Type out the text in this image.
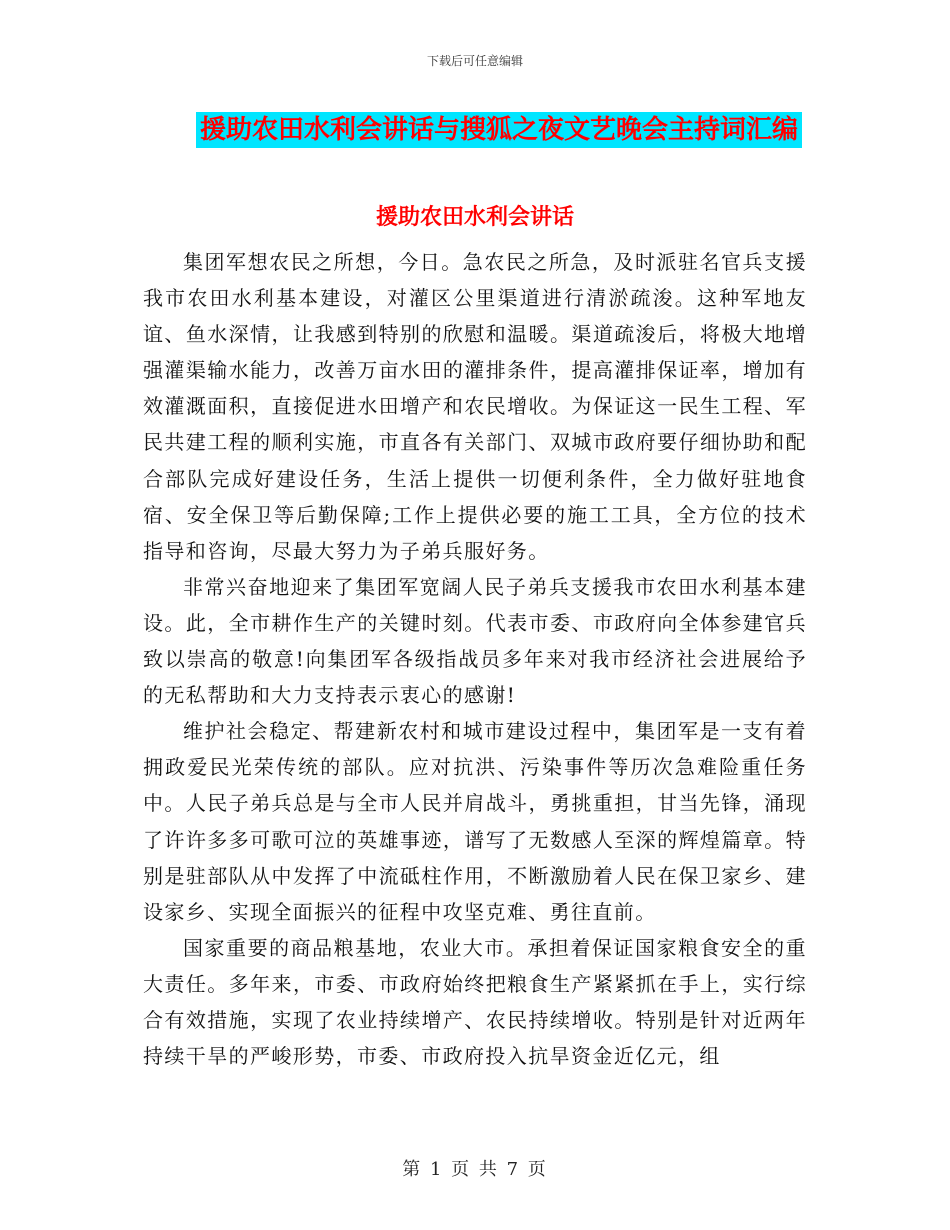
下载后可任意编辑
援助农田水利会讲话与搜狐之夜文艺晚会主持词汇编
援助农田水利会讲话

集团军想农民之所想，今日。急农民之所急，及时派驻名官兵支援我市农田水利基本建设，对灌区公里渠道进行清淤疏浚。这种军地友谊、鱼水深情，让我感到特别的欣慰和温暖。渠道疏浚后，将极大地增强灌渠输水能力，改善万亩水田的灌排条件，提高灌排保证率，增加有效灌溉面积，直接促进水田增产和农民增收。为保证这一民生工程、军民共建工程的顺利实施，市直各有关部门、双城市政府要仔细协助和配合部队完成好建设任务，生活上提供一切便利条件，全力做好驻地食宿、安全保卫等后勤保障;工作上提供必要的施工工具，全方位的技术指导和咨询，尽最大努力为子弟兵服好务。

非常兴奋地迎来了集团军宽阔人民子弟兵支援我市农田水利基本建设。此，全市耕作生产的关键时刻。代表市委、市政府向全体参建官兵致以崇高的敬意!向集团军各级指战员多年来对我市经济社会进展给予的无私帮助和大力支持表示衷心的感谢!

维护社会稳定、帮建新农村和城市建设过程中，集团军是一支有着拥政爱民光荣传统的部队。应对抗洪、污染事件等历次急难险重任务中。人民子弟兵总是与全市人民并肩战斗，勇挑重担，甘当先锋，涌现了许许多多可歌可泣的英雄事迹，谱写了无数感人至深的辉煌篇章。特别是驻部队从中发挥了中流砥柱作用，不断激励着人民在保卫家乡、建设家乡、实现全面振兴的征程中攻坚克难、勇往直前。

国家重要的商品粮基地，农业大市。承担着保证国家粮食安全的重大责任。多年来，市委、市政府始终把粮食生产紧紧抓在手上，实行综合有效措施，实现了农业持续增产、农民持续增收。特别是针对近两年持续干旱的严峻形势，市委、市政府投入抗旱资金近亿元，组

第 1 页 共 7 页
